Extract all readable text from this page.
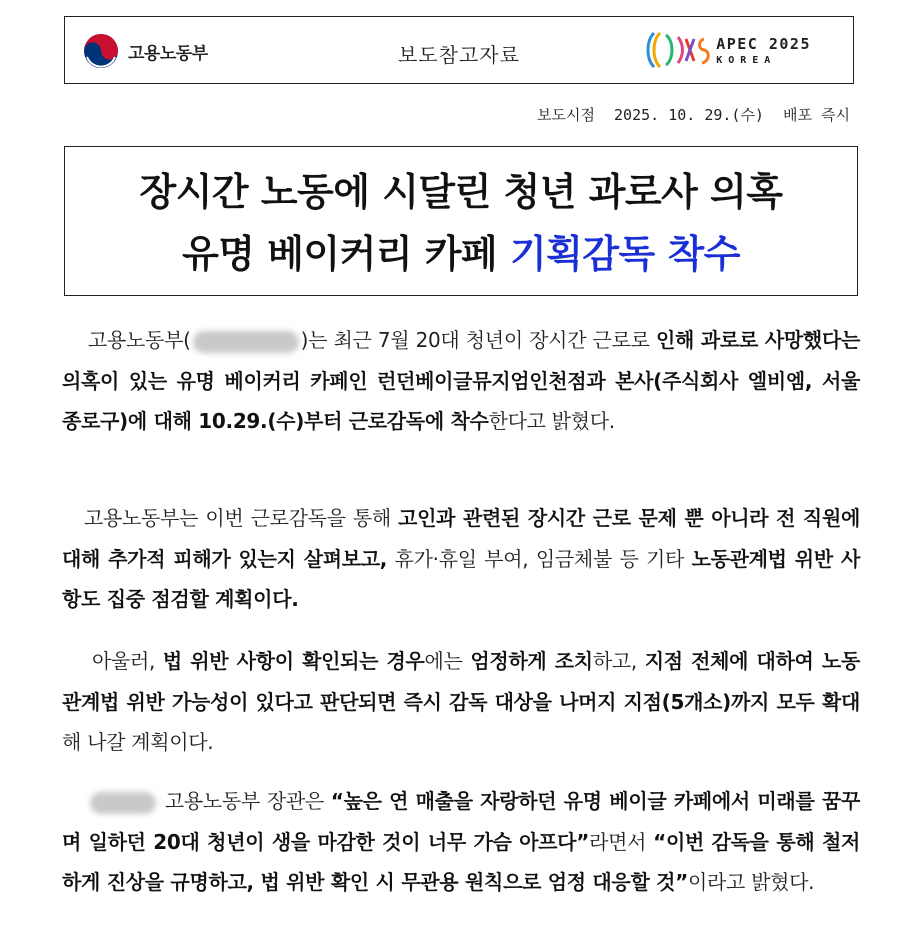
고용노동부	보도참고자료	APEC 2025
KOREA
보도시점 2025. 10. 29.(수) 배포 즉시
장시간 노동에 시달린 청년 과로사 의혹
유명 베이커리 카페 기획감독 착수
고용노동부(	)는 최근 7월 20대 청년이 장시간 근로로 인해 과로로 사망했다는 의혹이 있는 유명 베이커리 카페인 런던베이글뮤지엄인천점과 본사(주식회사 엘비엠, 서울 종로구)에 대해 10.29.(수)부터 근로감독에 착수한다고 밝혔다.
고용노동부는 이번 근로감독을 통해 고인과 관련된 장시간 근로 문제 뿐 아니라 전 직원에 대해 추가적 피해가 있는지 살펴보고, 휴가·휴일 부여, 임금체불 등 기타 노동관계법 위반 사항도 집중 점검할 계획이다.
아울러, 법 위반 사항이 확인되는 경우에는 엄정하게 조치하고, 지점 전체에 대하여 노동관계법 위반 가능성이 있다고 판단되면 즉시 감독 대상을 나머지 지점(5개소)까지 모두 확대해 나갈 계획이다.
고용노동부 장관은 “높은 연 매출을 자랑하던 유명 베이글 카페에서 미래를 꿈꾸며 일하던 20대 청년이 생을 마감한 것이 너무 가슴 아프다”라면서 “이번 감독을 통해 철저하게 진상을 규명하고, 법 위반 확인 시 무관용 원칙으로 엄정 대응할 것”이라고 밝혔다.
